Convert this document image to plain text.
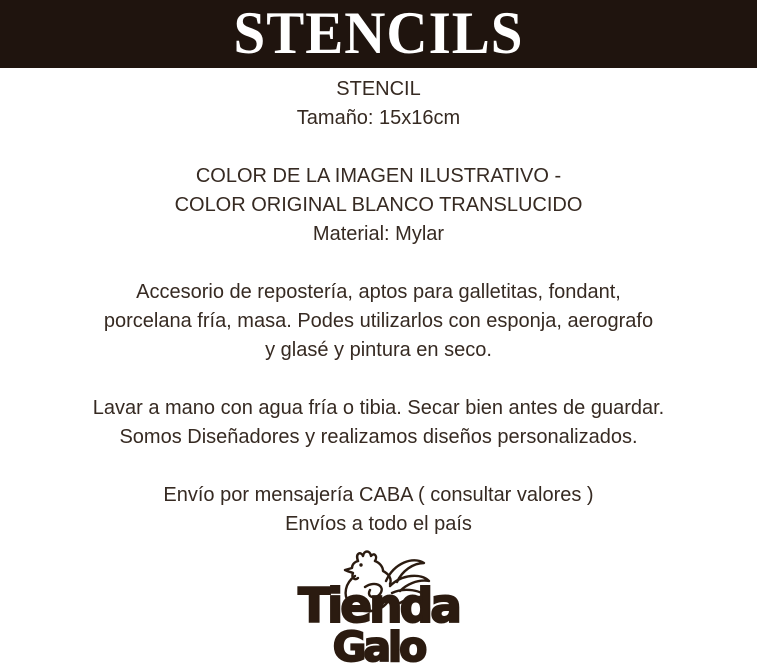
STENCILS
STENCIL
Tamaño: 15x16cm
COLOR DE LA IMAGEN ILUSTRATIVO -
COLOR ORIGINAL BLANCO TRANSLUCIDO
Material: Mylar
Accesorio de repostería, aptos para galletitas, fondant,
porcelana fría, masa. Podes utilizarlos con esponja, aerografo
y glasé y pintura en seco.
Lavar a mano con agua fría o tibia. Secar bien antes de guardar.
Somos Diseñadores y realizamos diseños personalizados.
Envío por mensajería CABA ( consultar valores )
Envíos a todo el país
Tienda
Galo
